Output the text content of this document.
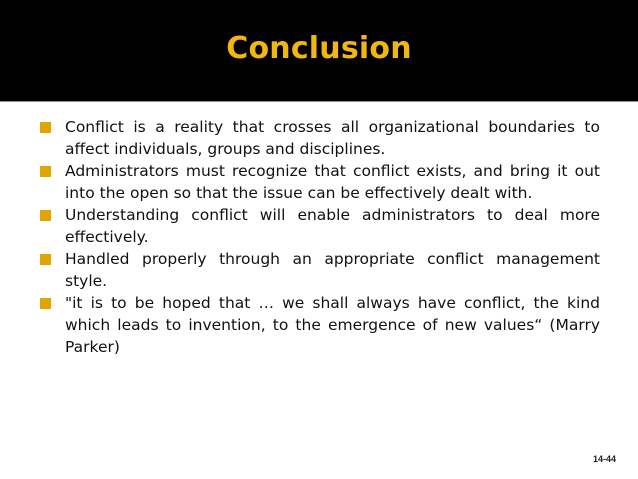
Conclusion
Conflict is a reality that crosses all organizational boundaries to affect individuals, groups and disciplines.
Administrators must recognize that conflict exists, and bring it out into the open so that the issue can be effectively dealt with.
Understanding conflict will enable administrators to deal more effectively.
Handled properly through an appropriate conflict management style.
"it is to be hoped that … we shall always have conflict, the kind which leads to invention, to the emergence of new values“ (Marry Parker)
14-44
